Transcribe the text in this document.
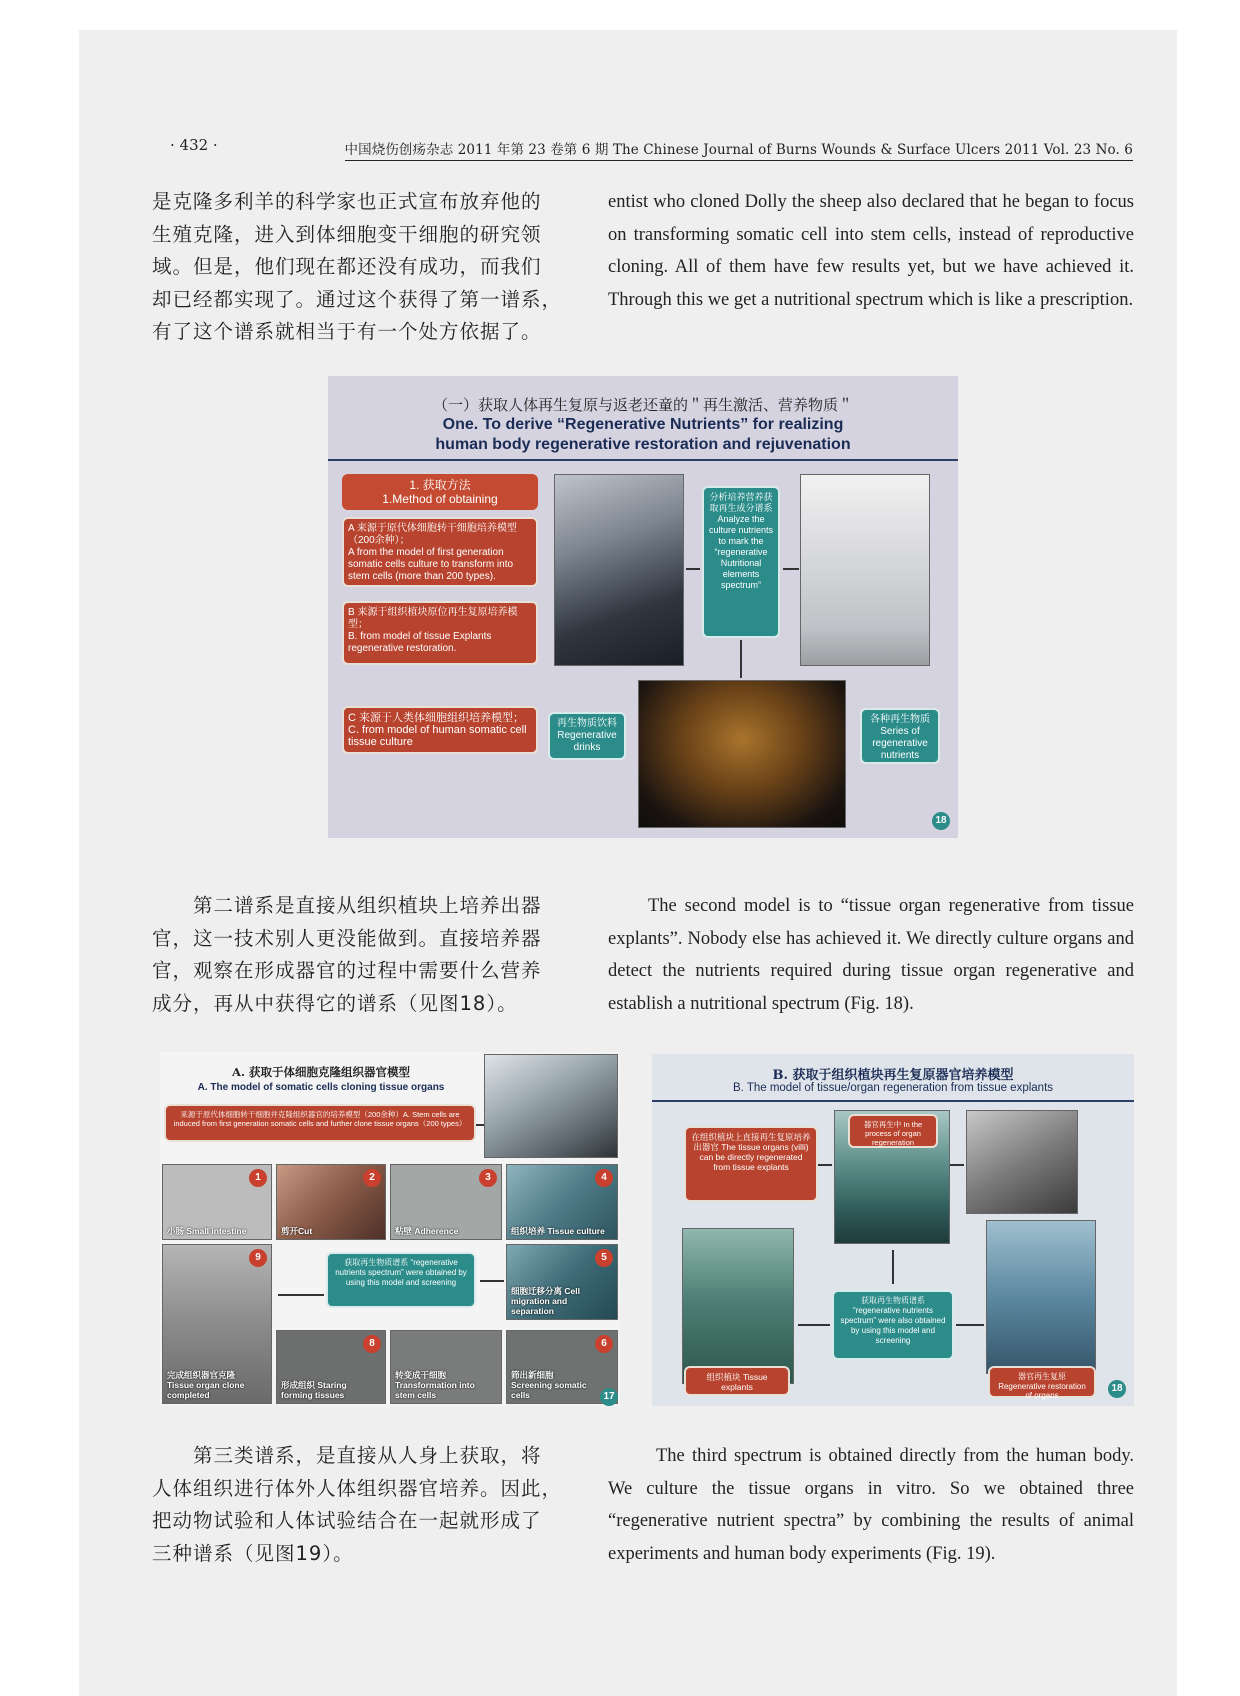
· 432 ·	中国烧伤创疡杂志 2011 年第 23 卷第 6 期 The Chinese Journal of Burns Wounds & Surface Ulcers 2011 Vol. 23 No. 6
是克隆多利羊的科学家也正式宣布放弃他的
生殖克隆，进入到体细胞变干细胞的研究领
域。但是，他们现在都还没有成功，而我们
却已经都实现了。通过这个获得了第一谱系，
有了这个谱系就相当于有一个处方依据了。
entist who cloned Dolly the sheep also declared that he began to focus on transforming somatic cell into stem cells, instead of reproductive cloning. All of them have few results yet, but we have achieved it. Through this we get a nutritional spectrum which is like a prescription.
（一）获取人体再生复原与返老还童的＂再生激活、营养物质＂
One. To derive “Regenerative Nutrients” for realizing
human body regenerative restoration and rejuvenation
1. 获取方法
1.Method of obtaining
A 来源于原代体细胞转干细胞培养模型（200余种）；
A from the model of first generation somatic cells culture to transform into stem cells (more than 200 types).
B 来源于组织植块原位再生复原培养模型；
B. from model of tissue Explants regenerative restoration.
C 来源于人类体细胞组织培养模型；
C. from model of human somatic cell tissue culture
分析培养营养获取再生成分谱系
Analyze the culture nutrients to mark the “regenerative Nutritional elements spectrum”
再生物质饮料
Regenerative drinks
各种再生物质
Series of regenerative nutrients
18
　　第二谱系是直接从组织植块上培养出器
官，这一技术别人更没能做到。直接培养器
官，观察在形成器官的过程中需要什么营养
成分，再从中获得它的谱系（见图18）。
The second model is to “tissue organ regenerative from tissue explants”. Nobody else has achieved it. We directly culture organs and detect the nutrients required during tissue organ regenerative and establish a nutritional spectrum (Fig. 18).
A. 获取于体细胞克隆组织器官模型
A. The model of somatic cells cloning tissue organs
来源于原代体细胞转干细胞并克隆组织器官的培养模型（200余种）A. Stem cells are induced from first generation somatic cells and further clone tissue organs（200 types）
小肠 Small intestine
1
剪开Cut
2
粘壁 Adherence
3
组织培养 Tissue culture
4
获取再生物质谱系 “regenerative nutrients spectrum” were obtained by using this model and screening
细胞迁移分离 Cell migration and separation
5
完成组织器官克隆 Tissue organ clone completed
9
形成组织 Staring forming tissues
8
转变成干细胞 Transformation into stem cells
筛出新细胞 Screening somatic cells
6
17
B. 获取于组织植块再生复原器官培养模型
B. The model of tissue/organ regeneration from tissue explants
在组织植块上直接再生复原培养出器官 The tissue organs (villi) can be directly regenerated from tissue explants
器官再生中 In the process of organ regeneration
组织植块 Tissue explants
获取再生物质谱系 “regenerative nutrients spectrum” were also obtained by using this model and screening
器官再生复原 Regenerative restoration of organs
18
　　第三类谱系，是直接从人身上获取，将
人体组织进行体外人体组织器官培养。因此，
把动物试验和人体试验结合在一起就形成了
三种谱系（见图19）。
The third spectrum is obtained directly from the human body. We culture the tissue organs in vitro. So we obtained three “regenerative nutrient spectra” by combining the results of animal experiments and human body experiments (Fig. 19).
